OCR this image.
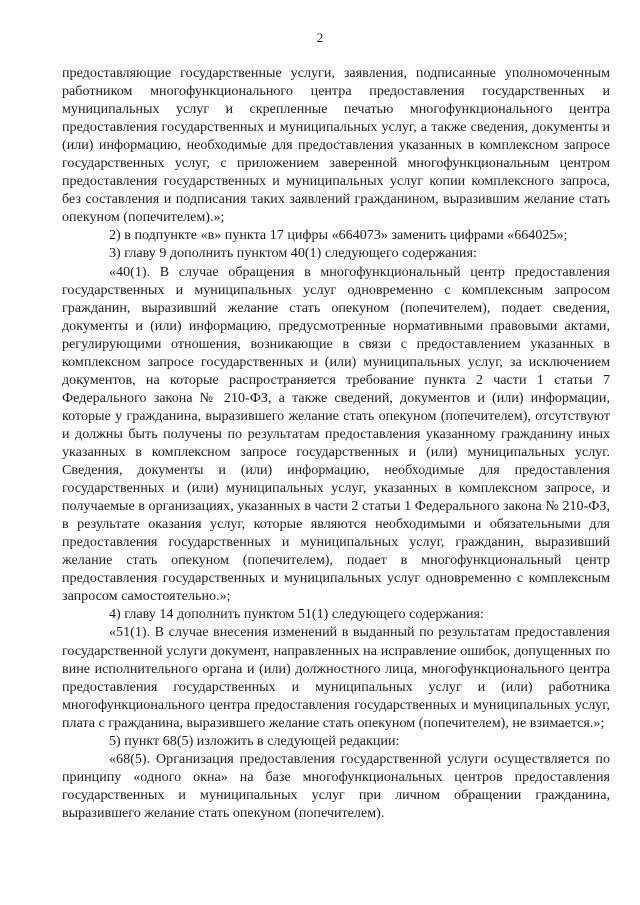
2

предоставляющие государственные услуги, заявления, подписанные уполномоченным работником многофункционального центра предоставления государственных и муниципальных услуг и скрепленные печатью многофункционального центра предоставления государственных и муниципальных услуг, а также сведения, документы и (или) информацию, необходимые для предоставления указанных в комплексном запросе государственных услуг, с приложением заверенной многофункциональным центром предоставления государственных и муниципальных услуг копии комплексного запроса, без составления и подписания таких заявлений гражданином, выразившим желание стать опекуном (попечителем).»;

2) в подпункте «в» пункта 17 цифры «664073» заменить цифрами «664025»;

3) главу 9 дополнить пунктом 40(1) следующего содержания:

«40(1). В случае обращения в многофункциональный центр предоставления государственных и муниципальных услуг одновременно с комплексным запросом гражданин, выразивший желание стать опекуном (попечителем), подает сведения, документы и (или) информацию, предусмотренные нормативными правовыми актами, регулирующими отношения, возникающие в связи с предоставлением указанных в комплексном запросе государственных и (или) муниципальных услуг, за исключением документов, на которые распространяется требование пункта 2 части 1 статьи 7 Федерального закона № 210-ФЗ, а также сведений, документов и (или) информации, которые у гражданина, выразившего желание стать опекуном (попечителем), отсутствуют и должны быть получены по результатам предоставления указанному гражданину иных указанных в комплексном запросе государственных и (или) муниципальных услуг. Сведения, документы и (или) информацию, необходимые для предоставления государственных и (или) муниципальных услуг, указанных в комплексном запросе, и получаемые в организациях, указанных в части 2 статьи 1 Федерального закона № 210-ФЗ, в результате оказания услуг, которые являются необходимыми и обязательными для предоставления государственных и муниципальных услуг, гражданин, выразивший желание стать опекуном (попечителем), подает в многофункциональный центр предоставления государственных и муниципальных услуг одновременно с комплексным запросом самостоятельно.»;

4) главу 14 дополнить пунктом 51(1) следующего содержания:

«51(1). В случае внесения изменений в выданный по результатам предоставления государственной услуги документ, направленных на исправление ошибок, допущенных по вине исполнительного органа и (или) должностного лица, многофункционального центра предоставления государственных и муниципальных услуг и (или) работника многофункционального центра предоставления государственных и муниципальных услуг, плата с гражданина, выразившего желание стать опекуном (попечителем), не взимается.»;

5) пункт 68(5) изложить в следующей редакции:

«68(5). Организация предоставления государственной услуги осуществляется по принципу «одного окна» на базе многофункциональных центров предоставления государственных и муниципальных услуг при личном обращении гражданина, выразившего желание стать опекуном (попечителем).
